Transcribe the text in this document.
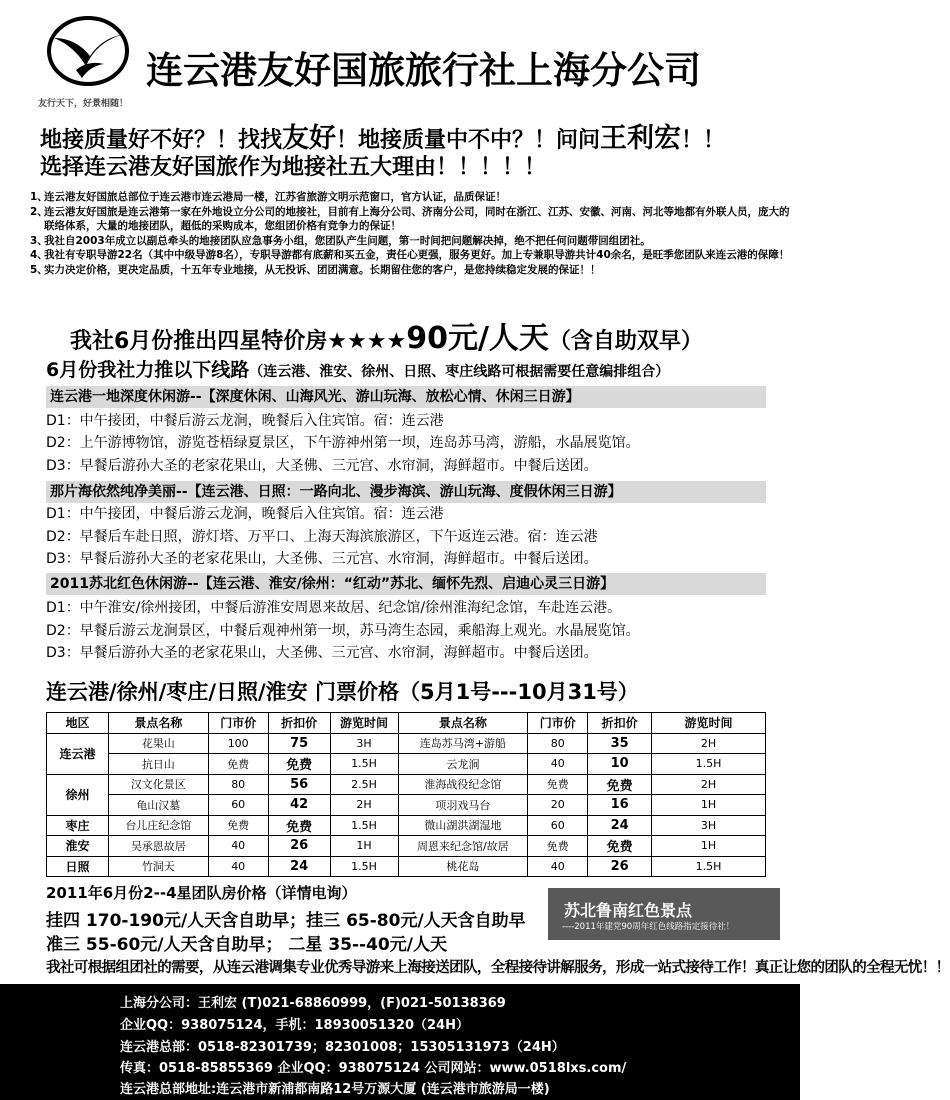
友行天下，好景相随！
连云港友好国旅旅行社上海分公司
地接质量好不好？！找找友好！地接质量中不中？！问问王利宏！！
选择连云港友好国旅作为地接社五大理由！！！！！
1、
连云港友好国旅总部位于连云港市连云港局一楼，江苏省旅游文明示范窗口，官方认证，品质保证！
2、
连云港友好国旅是连云港第一家在外地设立分公司的地接社，目前有上海分公司、济南分公司，同时在浙江、江苏、安徽、河南、河北等地都有外联人员，庞大的联络体系，大量的地接团队，超低的采购成本，您组团价格有竞争力的保证！
3、
我社自2003年成立以副总牵头的地接团队应急事务小组，您团队产生问题，第一时间把问题解决掉，绝不把任何问题带回组团社。
4、
我社有专职导游22名（其中中级导游8名），专职导游都有底薪和买五金，责任心更强，服务更好。加上专兼职导游共计40余名，是旺季您团队来连云港的保障！
5、
实力决定价格，更决定品质，十五年专业地接，从无投诉、团团满意。长期留住您的客户，是您持续稳定发展的保证！！
我社6月份推出四星特价房★★★★90元/人天（含自助双早）
6月份我社力推以下线路（连云港、淮安、徐州、日照、枣庄线路可根据需要任意编排组合）
连云港一地深度休闲游--【深度休闲、山海风光、游山玩海、放松心情、休闲三日游】
D1：中午接团，中餐后游云龙涧，晚餐后入住宾馆。宿：连云港
D2：上午游博物馆，游览苍梧绿夏景区，下午游神州第一坝，连岛苏马湾，游船，水晶展览馆。
D3：早餐后游孙大圣的老家花果山，大圣佛、三元宫、水帘洞，海鲜超市。中餐后送团。
那片海依然纯净美丽--【连云港、日照：一路向北、漫步海滨、游山玩海、度假休闲三日游】
D1：中午接团，中餐后游云龙涧，晚餐后入住宾馆。宿：连云港
D2：早餐后车赴日照，游灯塔、万平口、上海天海滨旅游区，下午返连云港。宿：连云港
D3：早餐后游孙大圣的老家花果山，大圣佛、三元宫、水帘洞，海鲜超市。中餐后送团。
2011苏北红色休闲游--【连云港、淮安/徐州：“红动”苏北、缅怀先烈、启迪心灵三日游】
D1：中午淮安/徐州接团，中餐后游淮安周恩来故居、纪念馆/徐州淮海纪念馆，车赴连云港。
D2：早餐后游云龙涧景区，中餐后观神州第一坝，苏马湾生态园，乘船海上观光。水晶展览馆。
D3：早餐后游孙大圣的老家花果山，大圣佛、三元宫、水帘洞，海鲜超市。中餐后送团。
连云港/徐州/枣庄/日照/淮安 门票价格（5月1号---10月31号）
地区	景点名称	门市价	折扣价	游览时间	景点名称	门市价	折扣价	游览时间
连云港	花果山	100	75	3H	连岛苏马湾+游船	80	35	2H
	抗日山	免费	免费	1.5H	云龙涧	40	10	1.5H
徐州	汉文化景区	80	56	2.5H	淮海战役纪念馆	免费	免费	2H
	龟山汉墓	60	42	2H	项羽戏马台	20	16	1H
枣庄	台儿庄纪念馆	免费	免费	1.5H	微山湖洪湖湿地	60	24	3H
淮安	吴承恩故居	40	26	1H	周恩来纪念馆/故居	免费	免费	1H
日照	竹洞天	40	24	1.5H	桃花岛	40	26	1.5H
2011年6月份2--4星团队房价格（详情电询）
挂四 170-190元/人天含自助早；挂三 65-80元/人天含自助早
准三 55-60元/人天含自助早； 二星 35--40元/人天
苏北鲁南红色景点
----2011年建党90周年红色线路指定接待社！
我社可根据组团社的需要，从连云港调集专业优秀导游来上海接送团队，全程接待讲解服务，形成一站式接待工作！真正让您的团队的全程无忧！！
上海分公司：王利宏 (T)021-68860999，(F)021-50138369
企业QQ：938075124，手机：18930051320（24H）
连云港总部：0518-82301739；82301008；15305131973（24H）
传真：0518-85855369 企业QQ：938075124 公司网站：www.0518lxs.com/
连云港总部地址:连云港市新浦都南路12号万源大厦 (连云港市旅游局一楼)
